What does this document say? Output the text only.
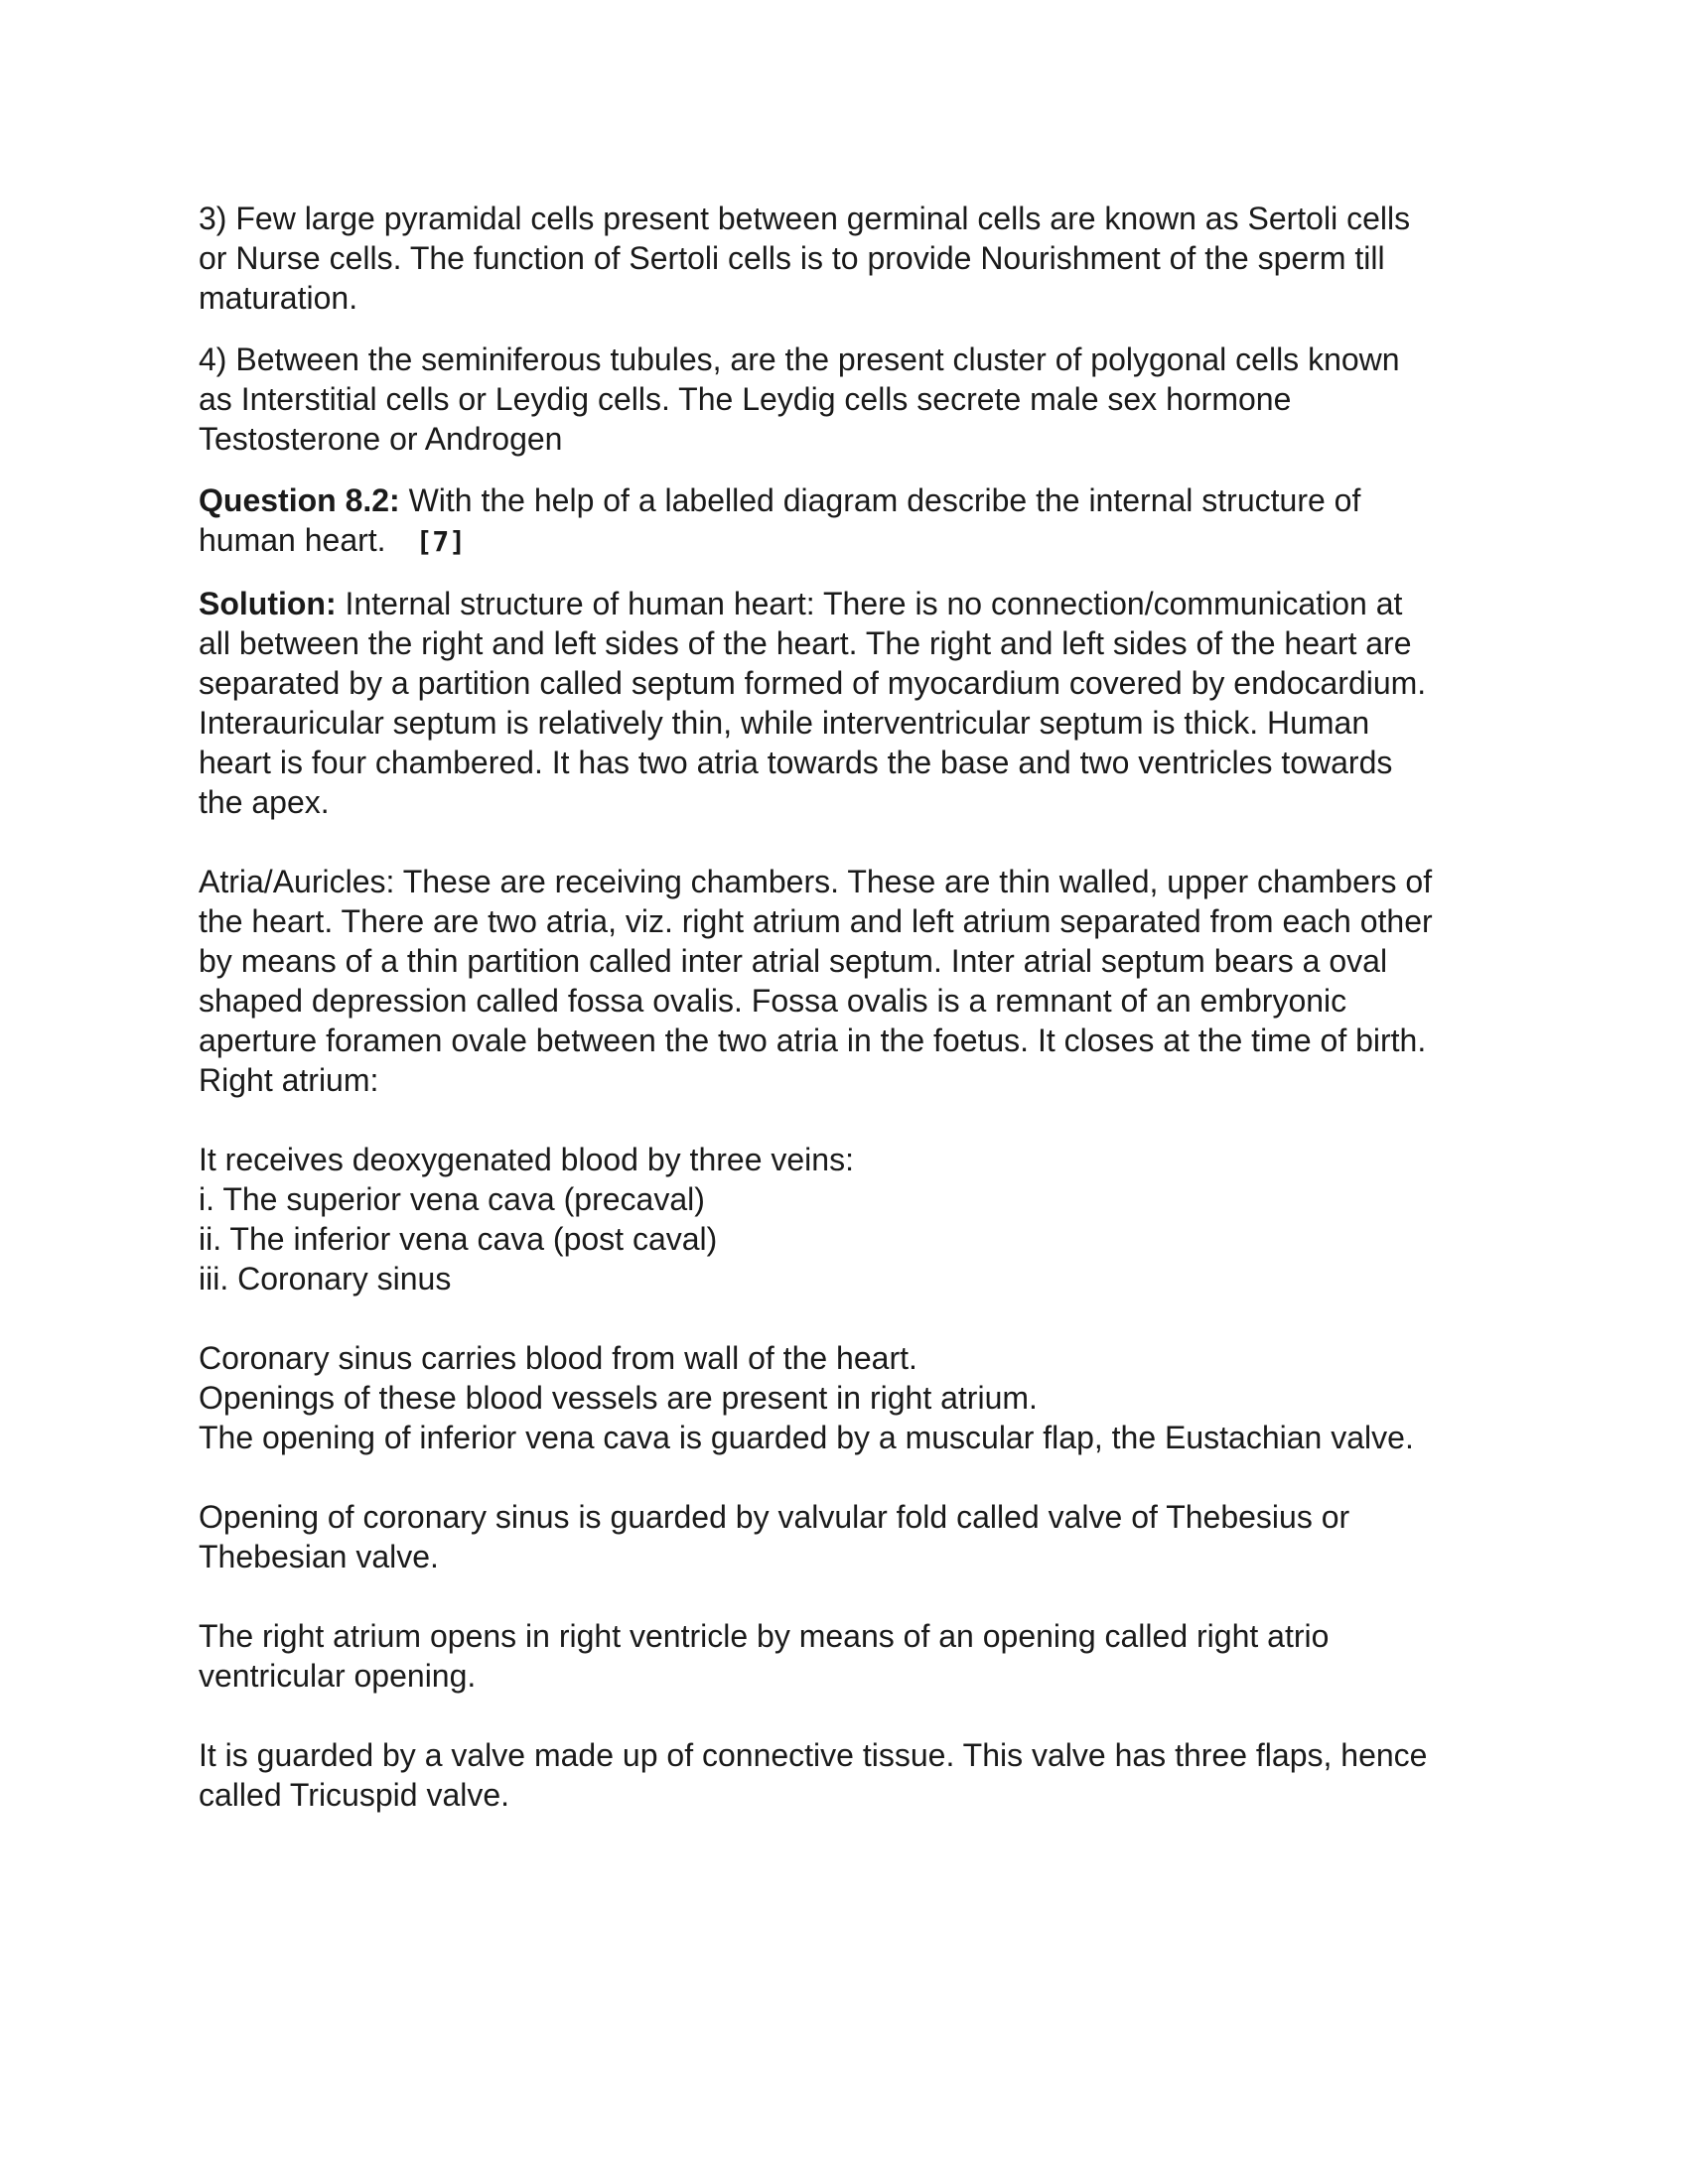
3) Few large pyramidal cells present between germinal cells are known as Sertoli cells
or Nurse cells. The function of Sertoli cells is to provide Nourishment of the sperm till
maturation.

4) Between the seminiferous tubules, are the present cluster of polygonal cells known
as Interstitial cells or Leydig cells. The Leydig cells secrete male sex hormone
Testosterone or Androgen

Question 8.2: With the help of a labelled diagram describe the internal structure of
human heart. [7]

Solution: Internal structure of human heart: There is no connection/communication at
all between the right and left sides of the heart. The right and left sides of the heart are
separated by a partition called septum formed of myocardium covered by endocardium.
Interauricular septum is relatively thin, while interventricular septum is thick. Human
heart is four chambered. It has two atria towards the base and two ventricles towards
the apex.
Atria/Auricles: These are receiving chambers. These are thin walled, upper chambers of
the heart. There are two atria, viz. right atrium and left atrium separated from each other
by means of a thin partition called inter atrial septum. Inter atrial septum bears a oval
shaped depression called fossa ovalis. Fossa ovalis is a remnant of an embryonic
aperture foramen ovale between the two atria in the foetus. It closes at the time of birth.
Right atrium:
It receives deoxygenated blood by three veins:
i. The superior vena cava (precaval)
ii. The inferior vena cava (post caval)
iii. Coronary sinus
Coronary sinus carries blood from wall of the heart.
Openings of these blood vessels are present in right atrium.
The opening of inferior vena cava is guarded by a muscular flap, the Eustachian valve.
Opening of coronary sinus is guarded by valvular fold called valve of Thebesius or
Thebesian valve.
The right atrium opens in right ventricle by means of an opening called right atrio
ventricular opening.
It is guarded by a valve made up of connective tissue. This valve has three flaps, hence
called Tricuspid valve.
